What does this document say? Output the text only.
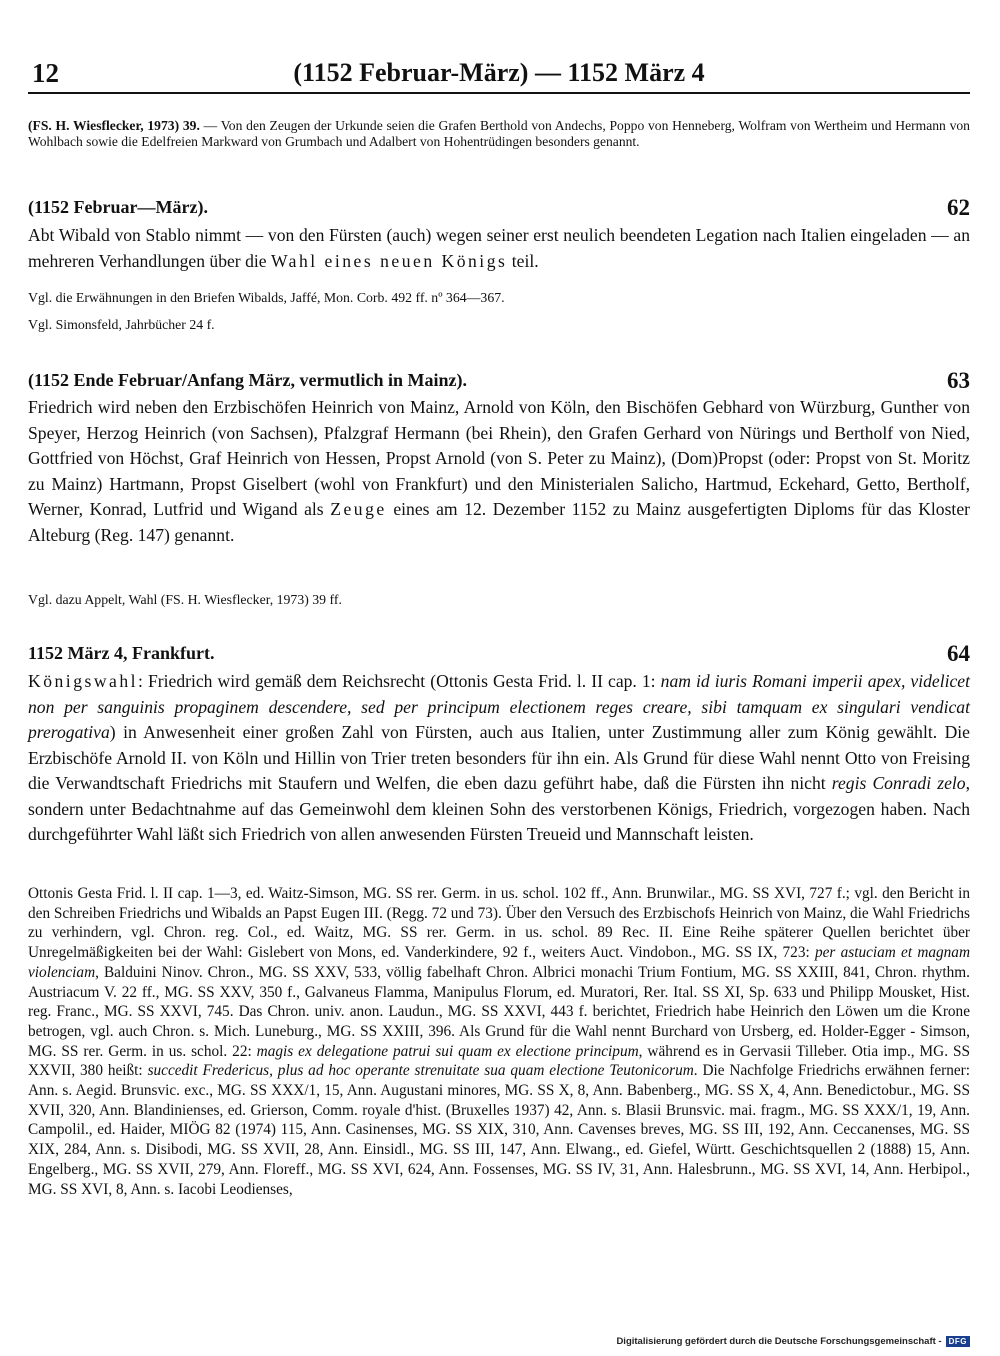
12	(1152 Februar-März) — 1152 März 4
(FS. H. Wiesflecker, 1973) 39. — Von den Zeugen der Urkunde seien die Grafen Berthold von Andechs, Poppo von Henneberg, Wolfram von Wertheim und Hermann von Wohlbach sowie die Edelfreien Markward von Grumbach und Adalbert von Hohentrüdingen besonders genannt.
(1152 Februar—März).	62
Abt Wibald von Stablo nimmt — von den Fürsten (auch) wegen seiner erst neulich beendeten Legation nach Italien eingeladen — an mehreren Verhandlungen über die Wahl eines neuen Königs teil.
Vgl. die Erwähnungen in den Briefen Wibalds, Jaffé, Mon. Corb. 492 ff. nº 364—367.
Vgl. Simonsfeld, Jahrbücher 24 f.
(1152 Ende Februar/Anfang März, vermutlich in Mainz).	63
Friedrich wird neben den Erzbischöfen Heinrich von Mainz, Arnold von Köln, den Bischöfen Gebhard von Würzburg, Gunther von Speyer, Herzog Heinrich (von Sachsen), Pfalzgraf Hermann (bei Rhein), den Grafen Gerhard von Nürings und Bertholf von Nied, Gottfried von Höchst, Graf Heinrich von Hessen, Propst Arnold (von S. Peter zu Mainz), (Dom)Propst (oder: Propst von St. Moritz zu Mainz) Hartmann, Propst Giselbert (wohl von Frankfurt) und den Ministerialen Salicho, Hartmud, Eckehard, Getto, Bertholf, Werner, Konrad, Lutfrid und Wigand als Zeuge eines am 12. Dezember 1152 zu Mainz ausgefertigten Diploms für das Kloster Alteburg (Reg. 147) genannt.
Vgl. dazu Appelt, Wahl (FS. H. Wiesflecker, 1973) 39 ff.
1152 März 4, Frankfurt.	64
Königswahl: Friedrich wird gemäß dem Reichsrecht (Ottonis Gesta Frid. l. II cap. 1: nam id iuris Romani imperii apex, videlicet non per sanguinis propaginem descendere, sed per principum electionem reges creare, sibi tamquam ex singulari vendicat prerogativa) in Anwesenheit einer großen Zahl von Fürsten, auch aus Italien, unter Zustimmung aller zum König gewählt. Die Erzbischöfe Arnold II. von Köln und Hillin von Trier treten besonders für ihn ein. Als Grund für diese Wahl nennt Otto von Freising die Verwandtschaft Friedrichs mit Staufern und Welfen, die eben dazu geführt habe, daß die Fürsten ihn nicht regis Conradi zelo, sondern unter Bedachtnahme auf das Gemeinwohl dem kleinen Sohn des verstorbenen Königs, Friedrich, vorgezogen haben. Nach durchgeführter Wahl läßt sich Friedrich von allen anwesenden Fürsten Treueid und Mannschaft leisten.
Ottonis Gesta Frid. l. II cap. 1—3, ed. Waitz-Simson, MG. SS rer. Germ. in us. schol. 102 ff., Ann. Brunwilar., MG. SS XVI, 727 f.; vgl. den Bericht in den Schreiben Friedrichs und Wibalds an Papst Eugen III. (Regg. 72 und 73). Über den Versuch des Erzbischofs Heinrich von Mainz, die Wahl Friedrichs zu verhindern, vgl. Chron. reg. Col., ed. Waitz, MG. SS rer. Germ. in us. schol. 89 Rec. II. Eine Reihe späterer Quellen berichtet über Unregelmäßigkeiten bei der Wahl: Gislebert von Mons, ed. Vanderkindere, 92 f., weiters Auct. Vindobon., MG. SS IX, 723: per astuciam et magnam violenciam, Balduini Ninov. Chron., MG. SS XXV, 533, völlig fabelhaft Chron. Albrici monachi Trium Fontium, MG. SS XXIII, 841, Chron. rhythm. Austriacum V. 22 ff., MG. SS XXV, 350 f., Galvaneus Flamma, Manipulus Florum, ed. Muratori, Rer. Ital. SS XI, Sp. 633 und Philipp Mousket, Hist. reg. Franc., MG. SS XXVI, 745. Das Chron. univ. anon. Laudun., MG. SS XXVI, 443 f. berichtet, Friedrich habe Heinrich den Löwen um die Krone betrogen, vgl. auch Chron. s. Mich. Luneburg., MG. SS XXIII, 396. Als Grund für die Wahl nennt Burchard von Ursberg, ed. Holder-Egger - Simson, MG. SS rer. Germ. in us. schol. 22: magis ex delegatione patrui sui quam ex electione principum, während es in Gervasii Tilleber. Otia imp., MG. SS XXVII, 380 heißt: succedit Fredericus, plus ad hoc operante strenuitate sua quam electione Teutonicorum. Die Nachfolge Friedrichs erwähnen ferner: Ann. s. Aegid. Brunsvic. exc., MG. SS XXX/1, 15, Ann. Augustani minores, MG. SS X, 8, Ann. Babenberg., MG. SS X, 4, Ann. Benedictobur., MG. SS XVII, 320, Ann. Blandinienses, ed. Grierson, Comm. royale d'hist. (Bruxelles 1937) 42, Ann. s. Blasii Brunsvic. mai. fragm., MG. SS XXX/1, 19, Ann. Campolil., ed. Haider, MIÖG 82 (1974) 115, Ann. Casinenses, MG. SS XIX, 310, Ann. Cavenses breves, MG. SS III, 192, Ann. Ceccanenses, MG. SS XIX, 284, Ann. s. Disibodi, MG. SS XVII, 28, Ann. Einsidl., MG. SS III, 147, Ann. Elwang., ed. Giefel, Württ. Geschichtsquellen 2 (1888) 15, Ann. Engelberg., MG. SS XVII, 279, Ann. Floreff., MG. SS XVI, 624, Ann. Fossenses, MG. SS IV, 31, Ann. Halesbrunn., MG. SS XVI, 14, Ann. Herbipol., MG. SS XVI, 8, Ann. s. Iacobi Leodienses,
Digitalisierung gefördert durch die Deutsche Forschungsgemeinschaft - DFG
